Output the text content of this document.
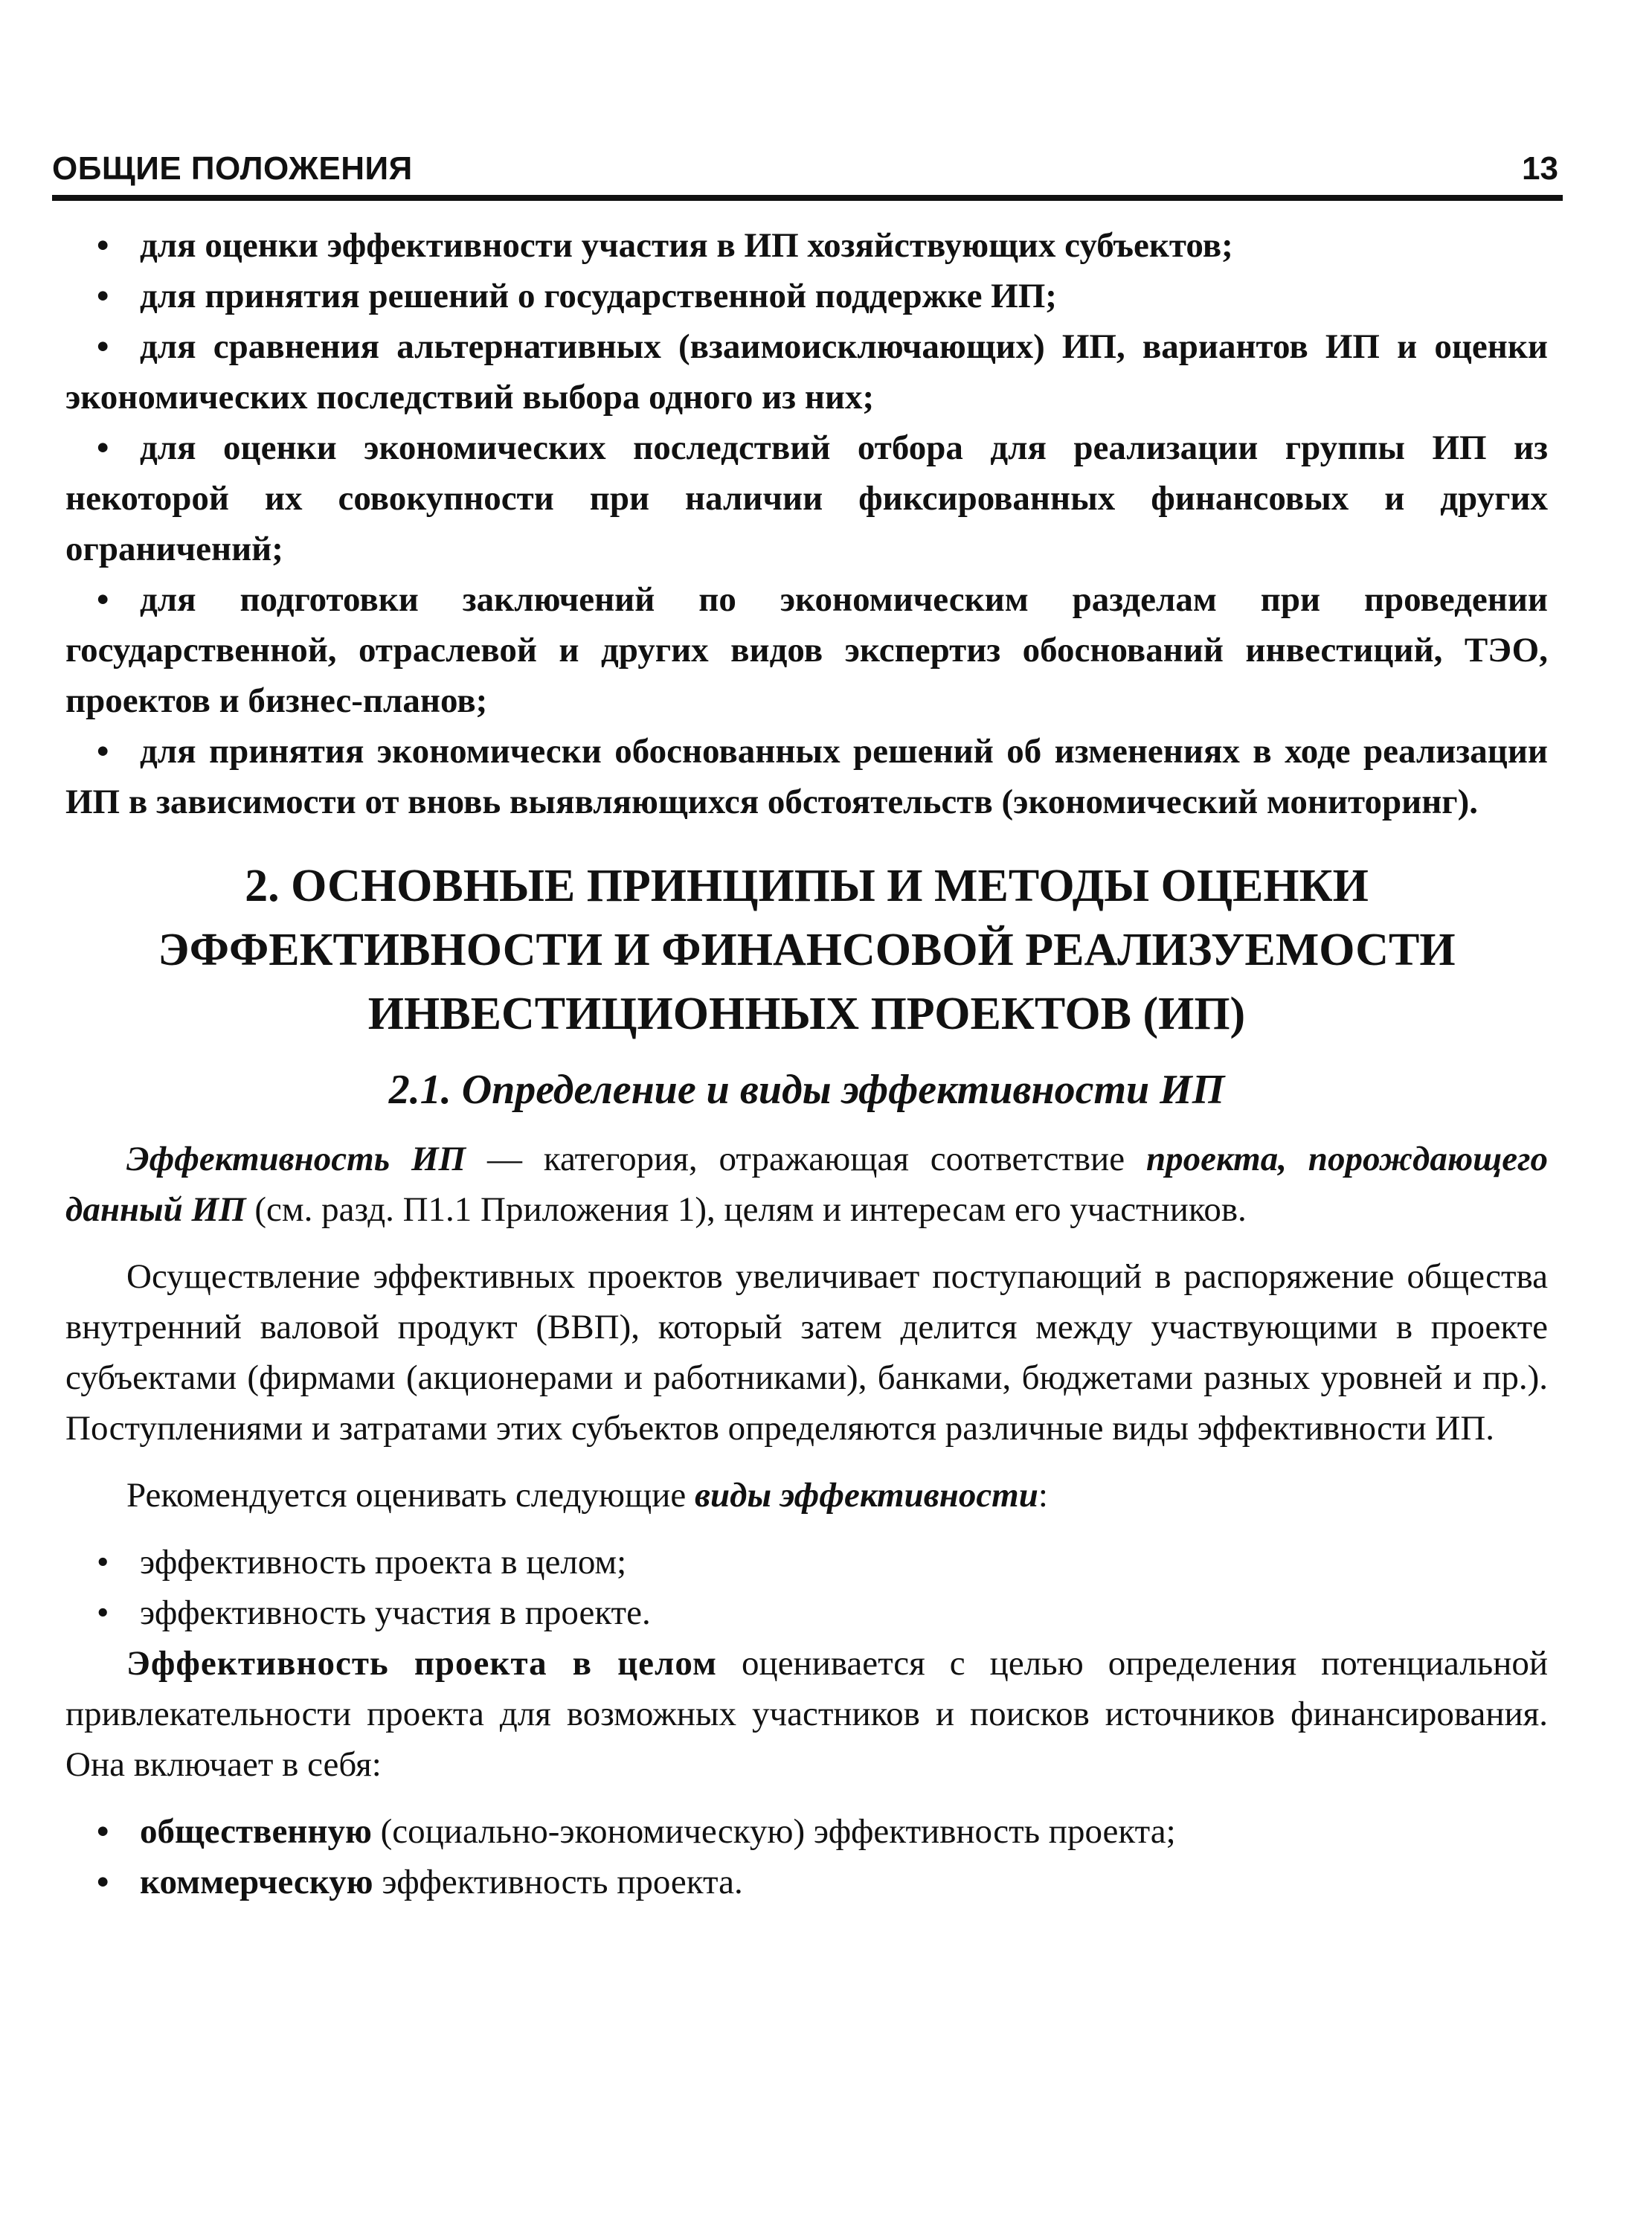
ОБЩИЕ ПОЛОЖЕНИЯ	13

• для оценки эффективности участия в ИП хозяйствующих субъектов;

• для принятия решений о государственной поддержке ИП;

• для сравнения альтернативных (взаимоисключающих) ИП, вариантов ИП и оценки экономических последствий выбора одного из них;

• для оценки экономических последствий отбора для реализации группы ИП из некоторой их совокупности при наличии фиксированных финансовых и других ограничений;

• для подготовки заключений по экономическим разделам при проведении государственной, отраслевой и других видов экспертиз обоснований инвестиций, ТЭО, проектов и бизнес-планов;

• для принятия экономически обоснованных решений об изменениях в ходе реализации ИП в зависимости от вновь выявляющихся обстоятельств (экономический мониторинг).

2. ОСНОВНЫЕ ПРИНЦИПЫ И МЕТОДЫ ОЦЕНКИ
ЭФФЕКТИВНОСТИ И ФИНАНСОВОЙ РЕАЛИЗУЕМОСТИ
ИНВЕСТИЦИОННЫХ ПРОЕКТОВ (ИП)
2.1. Определение и виды эффективности ИП

Эффективность ИП — категория, отражающая соответствие проекта, порождающего данный ИП (см. разд. П1.1 Приложения 1), целям и интересам его участников.

Осуществление эффективных проектов увеличивает поступающий в распоряжение общества внутренний валовой продукт (ВВП), который затем делится между участвующими в проекте субъектами (фирмами (акционерами и работниками), банками, бюджетами разных уровней и пр.). Поступлениями и затратами этих субъектов определяются различные виды эффективности ИП.

Рекомендуется оценивать следующие виды эффективности:

• эффективность проекта в целом;

• эффективность участия в проекте.

Эффективность проекта в целом оценивается с целью определения потенциальной привлекательности проекта для возможных участников и поисков источников финансирования. Она включает в себя:

• общественную (социально-экономическую) эффективность проекта;

• коммерческую эффективность проекта.
